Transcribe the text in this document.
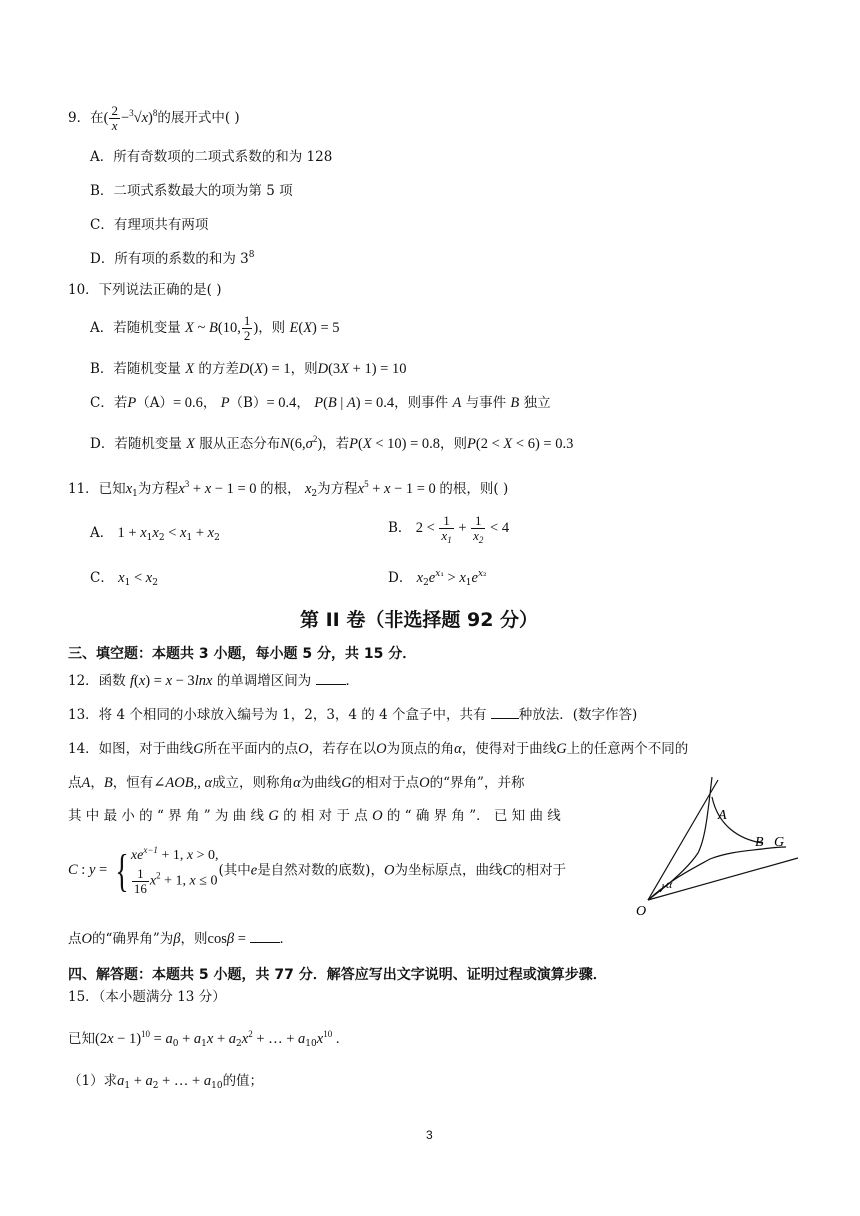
9．在( $\frac{2}{x} -^3√x)^8$的展开式中( )
A．所有奇数项的二项式系数的和为 128
B．二项式系数最大的项为第 5 项
C．有理项共有两项
D．所有项的系数的和为 $3^8$
10．下列说法正确的是( )
A．若随机变量 X ~ B(10, $\frac{1}{2}$ )，则 E(X) = 5
B．若随机变量 X 的方差D(X) = 1，则D(3X + 1) = 10
C．若P（A）= 0.6， P（B）= 0.4， P(B | A) = 0.4，则事件 A 与事件 B 独立
D．若随机变量 X 服从正态分布$N(6,\sigma^2)$，若P(X < 10) = 0.8，则P(2 < X < 6) = 0.3
11．已知$x_1$为方程$x^3 + x - 1 = 0$ 的根， $x_2$为方程$x^5 + x - 1 = 0$ 的根，则( )
A． $1 + x_1x_2 < x_1 + x_2$
B． $2 < \frac{1}{x_1} + \frac{1}{x_2} < 4$
C． $x_1 < x_2$	D． $x_2e^{x_1} > x_1e^{x_2}$
第 II 卷（非选择题 92 分）
三、填空题：本题共 3 小题，每小题 5 分，共 15 分．
12．函数 f(x) = x − 3lnx 的单调增区间为	．
13．将 4 个相同的小球放入编号为 1，2，3，4 的 4 个盒子中，共有 种放法．(数字作答)
14．如图，对于曲线G所在平面内的点O，若存在以O为顶点的角α，使得对于曲线G上的任意两个不同的
点A，B，恒有∠AOB,, α成立，则称角α为曲线G的相对于点O的“界角”，并称
其 中 最 小 的 “ 界 角 ” 为 曲 线 G 的 相 对 于 点 O 的 “ 确 界 角 ”． 已 知 曲 线
C : y = { $xe^{x-1} + 1$, x > 0,
$\frac{1}{16} x^2 + 1$, x ≤ 0
(其中e是自然对数的底数)，O为坐标原点，曲线C的相对于
点O的“确界角”为β，则cosβ = ．
A
B G
α
O
四、解答题：本题共 5 小题，共 77 分．解答应写出文字说明、证明过程或演算步骤．
15．（本小题满分 13 分）
已知$(2x - 1)^{10} = a_0 + a_1x + a_2x^2$ + … + $a_{10}x^{10}$ .
（1）求$a_1 + a_2$ + … + $a_{10}$的值；
3
